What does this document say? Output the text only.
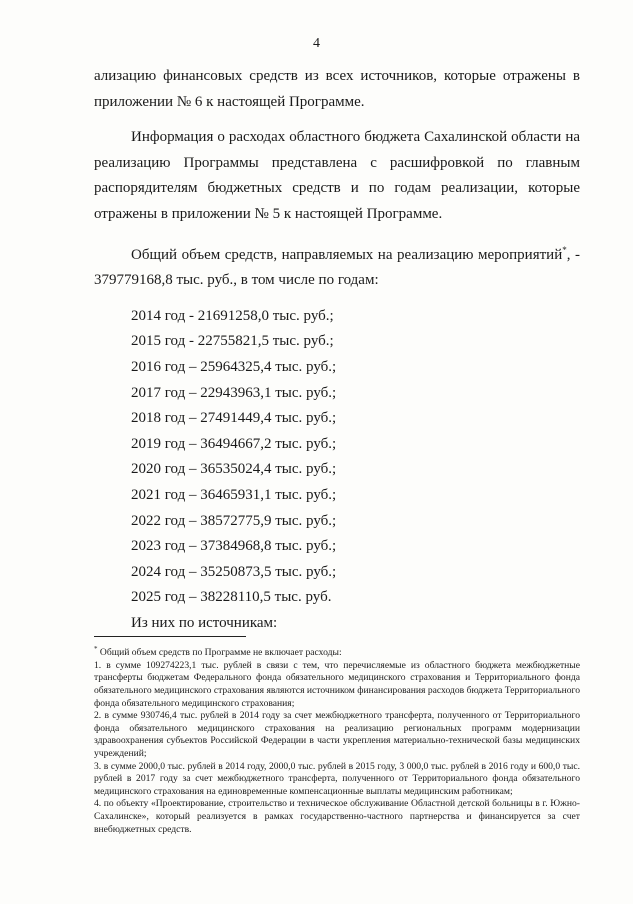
4

ализацию финансовых средств из всех источников, которые отражены в приложении № 6 к настоящей Программе.

Информация о расходах областного бюджета Сахалинской области на реализацию Программы представлена с расшифровкой по главным распорядителям бюджетных средств и по годам реализации, которые отражены в приложении № 5 к настоящей Программе.

Общий объем средств, направляемых на реализацию мероприятий*, - 379779168,8 тыс. руб., в том числе по годам:

2014 год - 21691258,0 тыс. руб.;

2015 год - 22755821,5 тыс. руб.;

2016 год – 25964325,4 тыс. руб.;

2017 год – 22943963,1 тыс. руб.;

2018 год – 27491449,4 тыс. руб.;

2019 год – 36494667,2 тыс. руб.;

2020 год – 36535024,4 тыс. руб.;

2021 год – 36465931,1 тыс. руб.;

2022 год – 38572775,9 тыс. руб.;

2023 год – 37384968,8 тыс. руб.;

2024 год – 35250873,5 тыс. руб.;

2025 год – 38228110,5 тыс. руб.

Из них по источникам:

* Общий объем средств по Программе не включает расходы:

1. в сумме 109274223,1 тыс. рублей в связи с тем, что перечисляемые из областного бюджета межбюджетные трансферты бюджетам Федерального фонда обязательного медицинского страхования и Территориального фонда обязательного медицинского страхования являются источником финансирования расходов бюджета Территориального фонда обязательного медицинского страхования;

2. в сумме 930746,4 тыс. рублей в 2014 году за счет межбюджетного трансферта, полученного от Территориального фонда обязательного медицинского страхования на реализацию региональных программ модернизации здравоохранения субъектов Российской Федерации в части укрепления материально-технической базы медицинских учреждений;

3. в сумме 2000,0 тыс. рублей в 2014 году, 2000,0 тыс. рублей в 2015 году, 3 000,0 тыс. рублей в 2016 году и 600,0 тыс. рублей в 2017 году за счет межбюджетного трансферта, полученного от Территориального фонда обязательного медицинского страхования на единовременные компенсационные выплаты медицинским работникам;

4. по объекту «Проектирование, строительство и техническое обслуживание Областной детской больницы в г. Южно-Сахалинске», который реализуется в рамках государственно-частного партнерства и финансируется за счет внебюджетных средств.
